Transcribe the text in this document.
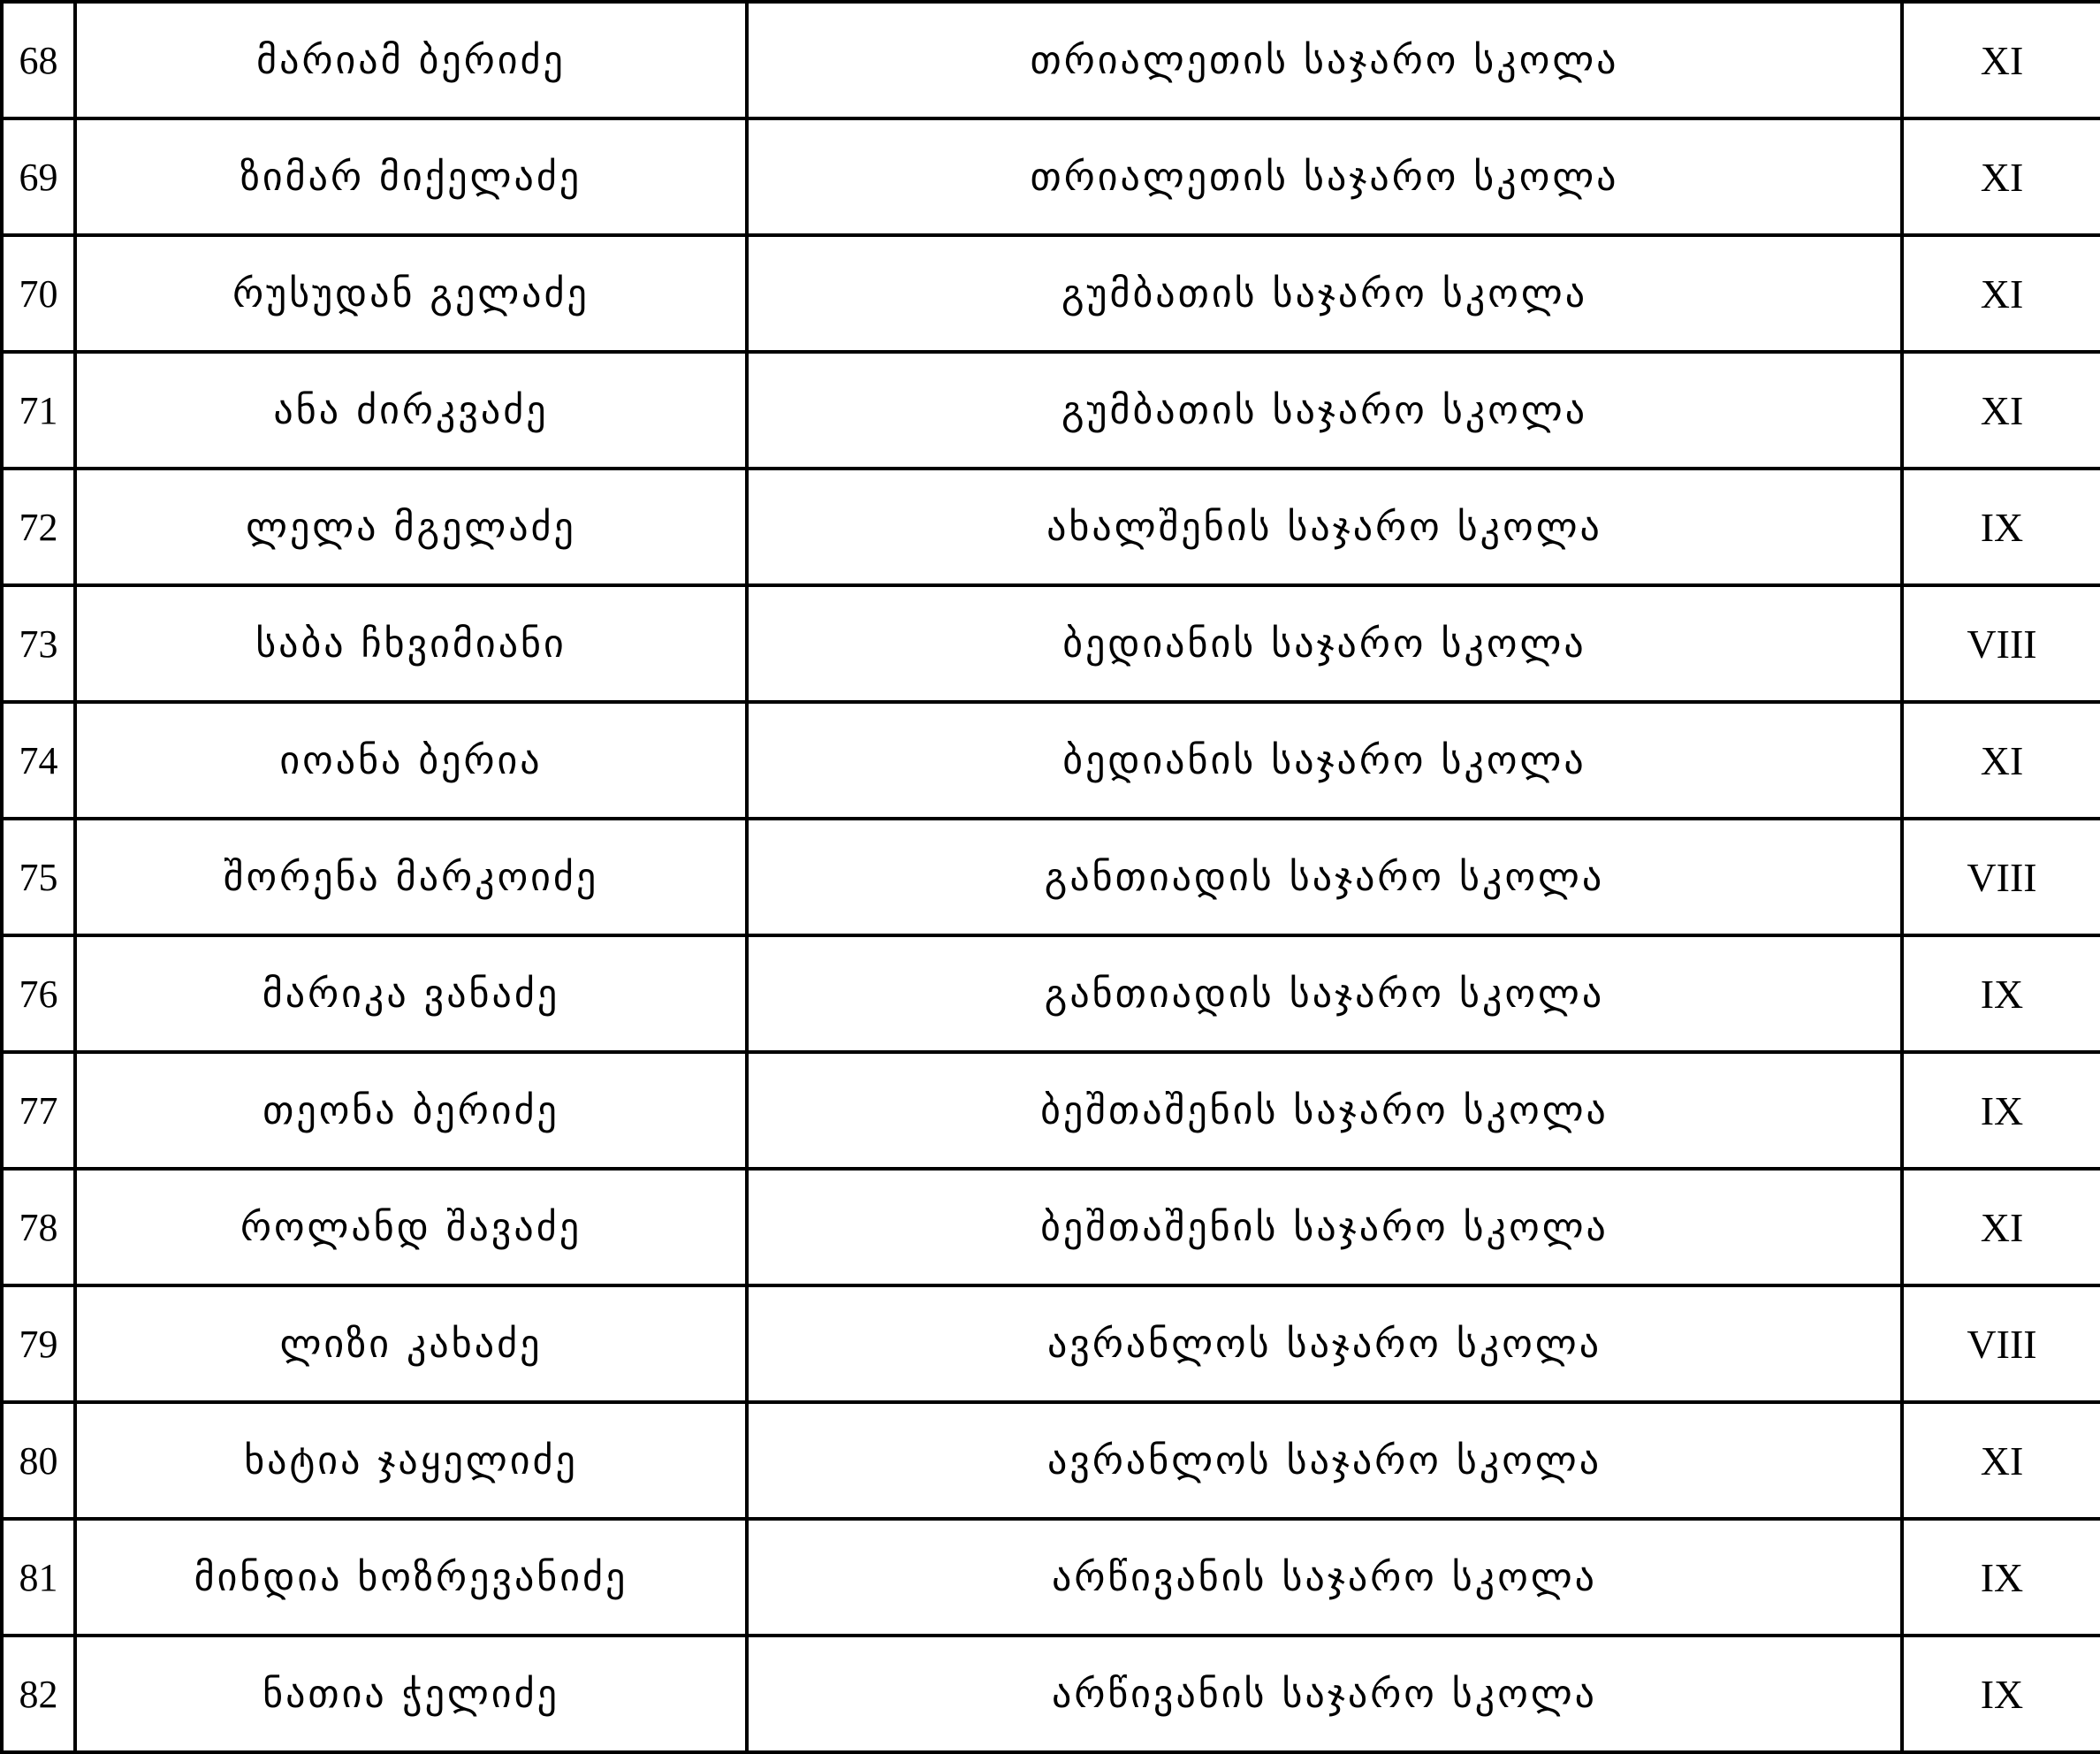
68	მარიამ ბერიძე	თრიალეთის საჯარო სკოლა	XI
69	ზიმარ მიქელაძე	თრიალეთის საჯარო სკოლა	XI
70	რუსუდან გელაძე	გუმბათის საჯარო სკოლა	XI
71	ანა ძირკვაძე	გუმბათის საჯარო სკოლა	XI
72	ლელა მგელაძე	ახალშენის საჯარო სკოლა	IX
73	საბა ჩხვიმიანი	ბედიანის საჯარო სკოლა	VIII
74	იოანა ბერია	ბედიანის საჯარო სკოლა	XI
75	შორენა მარკოიძე	განთიადის საჯარო სკოლა	VIII
76	მარიკა ვანაძე	განთიადის საჯარო სკოლა	IX
77	თეონა ბერიძე	ბეშთაშენის საჯარო სკოლა	IX
78	როლანდ შავაძე	ბეშთაშენის საჯარო სკოლა	XI
79	ლიზი კახაძე	ავრანლოს საჯარო სკოლა	VIII
80	ხატია ჯაყელიძე	ავრანლოს საჯარო სკოლა	XI
81	მინდია ხოზრევანიძე	არწივანის საჯარო სკოლა	IX
82	ნათია ჭელიძე	არწივანის საჯარო სკოლა	IX
